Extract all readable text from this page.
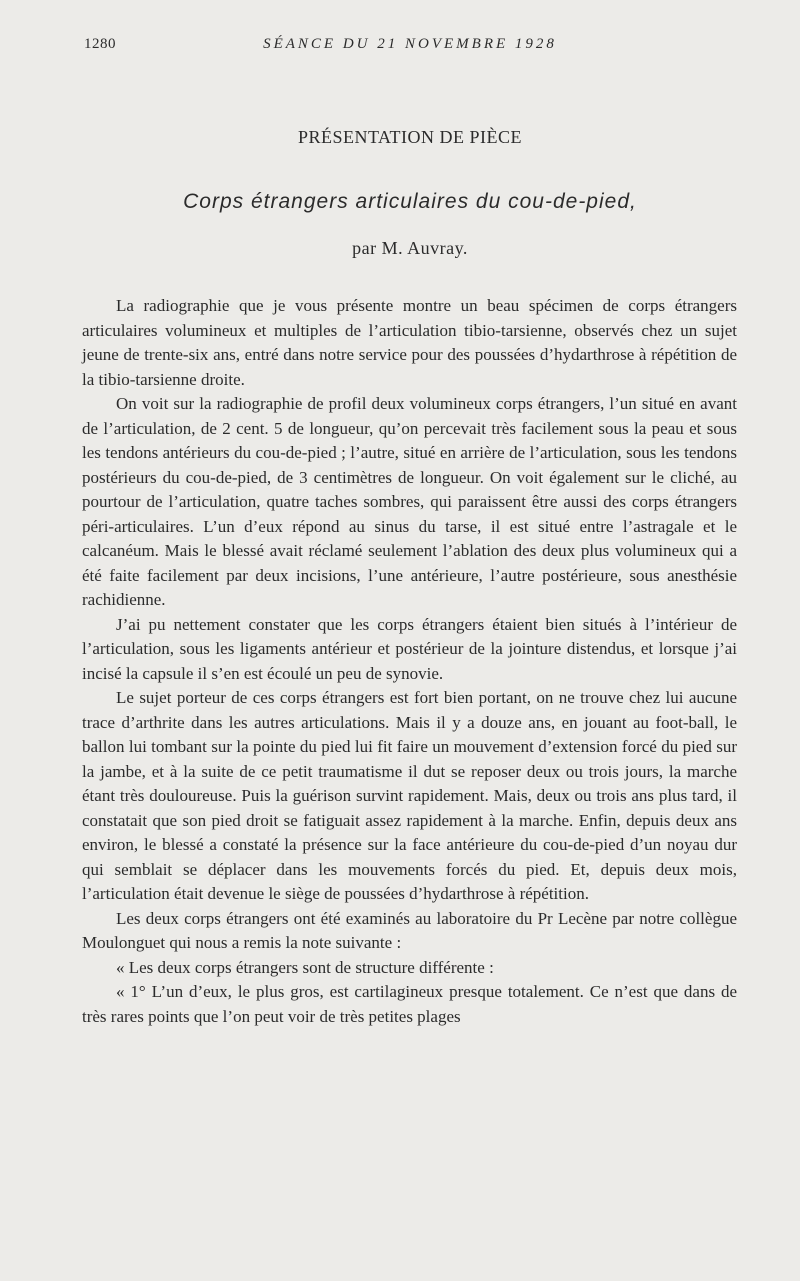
1280	SÉANCE DU 21 NOVEMBRE 1928
PRÉSENTATION DE PIÈCE
Corps étrangers articulaires du cou-de-pied,
par M. Auvray.

La radiographie que je vous présente montre un beau spécimen de corps étrangers articulaires volumineux et multiples de l’articulation tibio-tarsienne, observés chez un sujet jeune de trente-six ans, entré dans notre service pour des poussées d’hydarthrose à répétition de la tibio-tarsienne droite.

On voit sur la radiographie de profil deux volumineux corps étrangers, l’un situé en avant de l’articulation, de 2 cent. 5 de longueur, qu’on percevait très facilement sous la peau et sous les tendons antérieurs du cou-de-pied ; l’autre, situé en arrière de l’articulation, sous les tendons postérieurs du cou-de-pied, de 3 centimètres de longueur. On voit également sur le cliché, au pourtour de l’articulation, quatre taches sombres, qui paraissent être aussi des corps étrangers péri-articulaires. L’un d’eux répond au sinus du tarse, il est situé entre l’astragale et le calcanéum. Mais le blessé avait réclamé seulement l’ablation des deux plus volumineux qui a été faite facilement par deux incisions, l’une antérieure, l’autre postérieure, sous anesthésie rachidienne.

J’ai pu nettement constater que les corps étrangers étaient bien situés à l’intérieur de l’articulation, sous les ligaments antérieur et postérieur de la jointure distendus, et lorsque j’ai incisé la capsule il s’en est écoulé un peu de synovie.

Le sujet porteur de ces corps étrangers est fort bien portant, on ne trouve chez lui aucune trace d’arthrite dans les autres articulations. Mais il y a douze ans, en jouant au foot-ball, le ballon lui tombant sur la pointe du pied lui fit faire un mouvement d’extension forcé du pied sur la jambe, et à la suite de ce petit traumatisme il dut se reposer deux ou trois jours, la marche étant très douloureuse. Puis la guérison survint rapidement. Mais, deux ou trois ans plus tard, il constatait que son pied droit se fatiguait assez rapidement à la marche. Enfin, depuis deux ans environ, le blessé a constaté la présence sur la face antérieure du cou-de-pied d’un noyau dur qui semblait se déplacer dans les mouvements forcés du pied. Et, depuis deux mois, l’articulation était devenue le siège de poussées d’hydarthrose à répétition.

Les deux corps étrangers ont été examinés au laboratoire du Pr Lecène par notre collègue Moulonguet qui nous a remis la note suivante :

« Les deux corps étrangers sont de structure différente :

« 1° L’un d’eux, le plus gros, est cartilagineux presque totalement. Ce n’est que dans de très rares points que l’on peut voir de très petites plages
